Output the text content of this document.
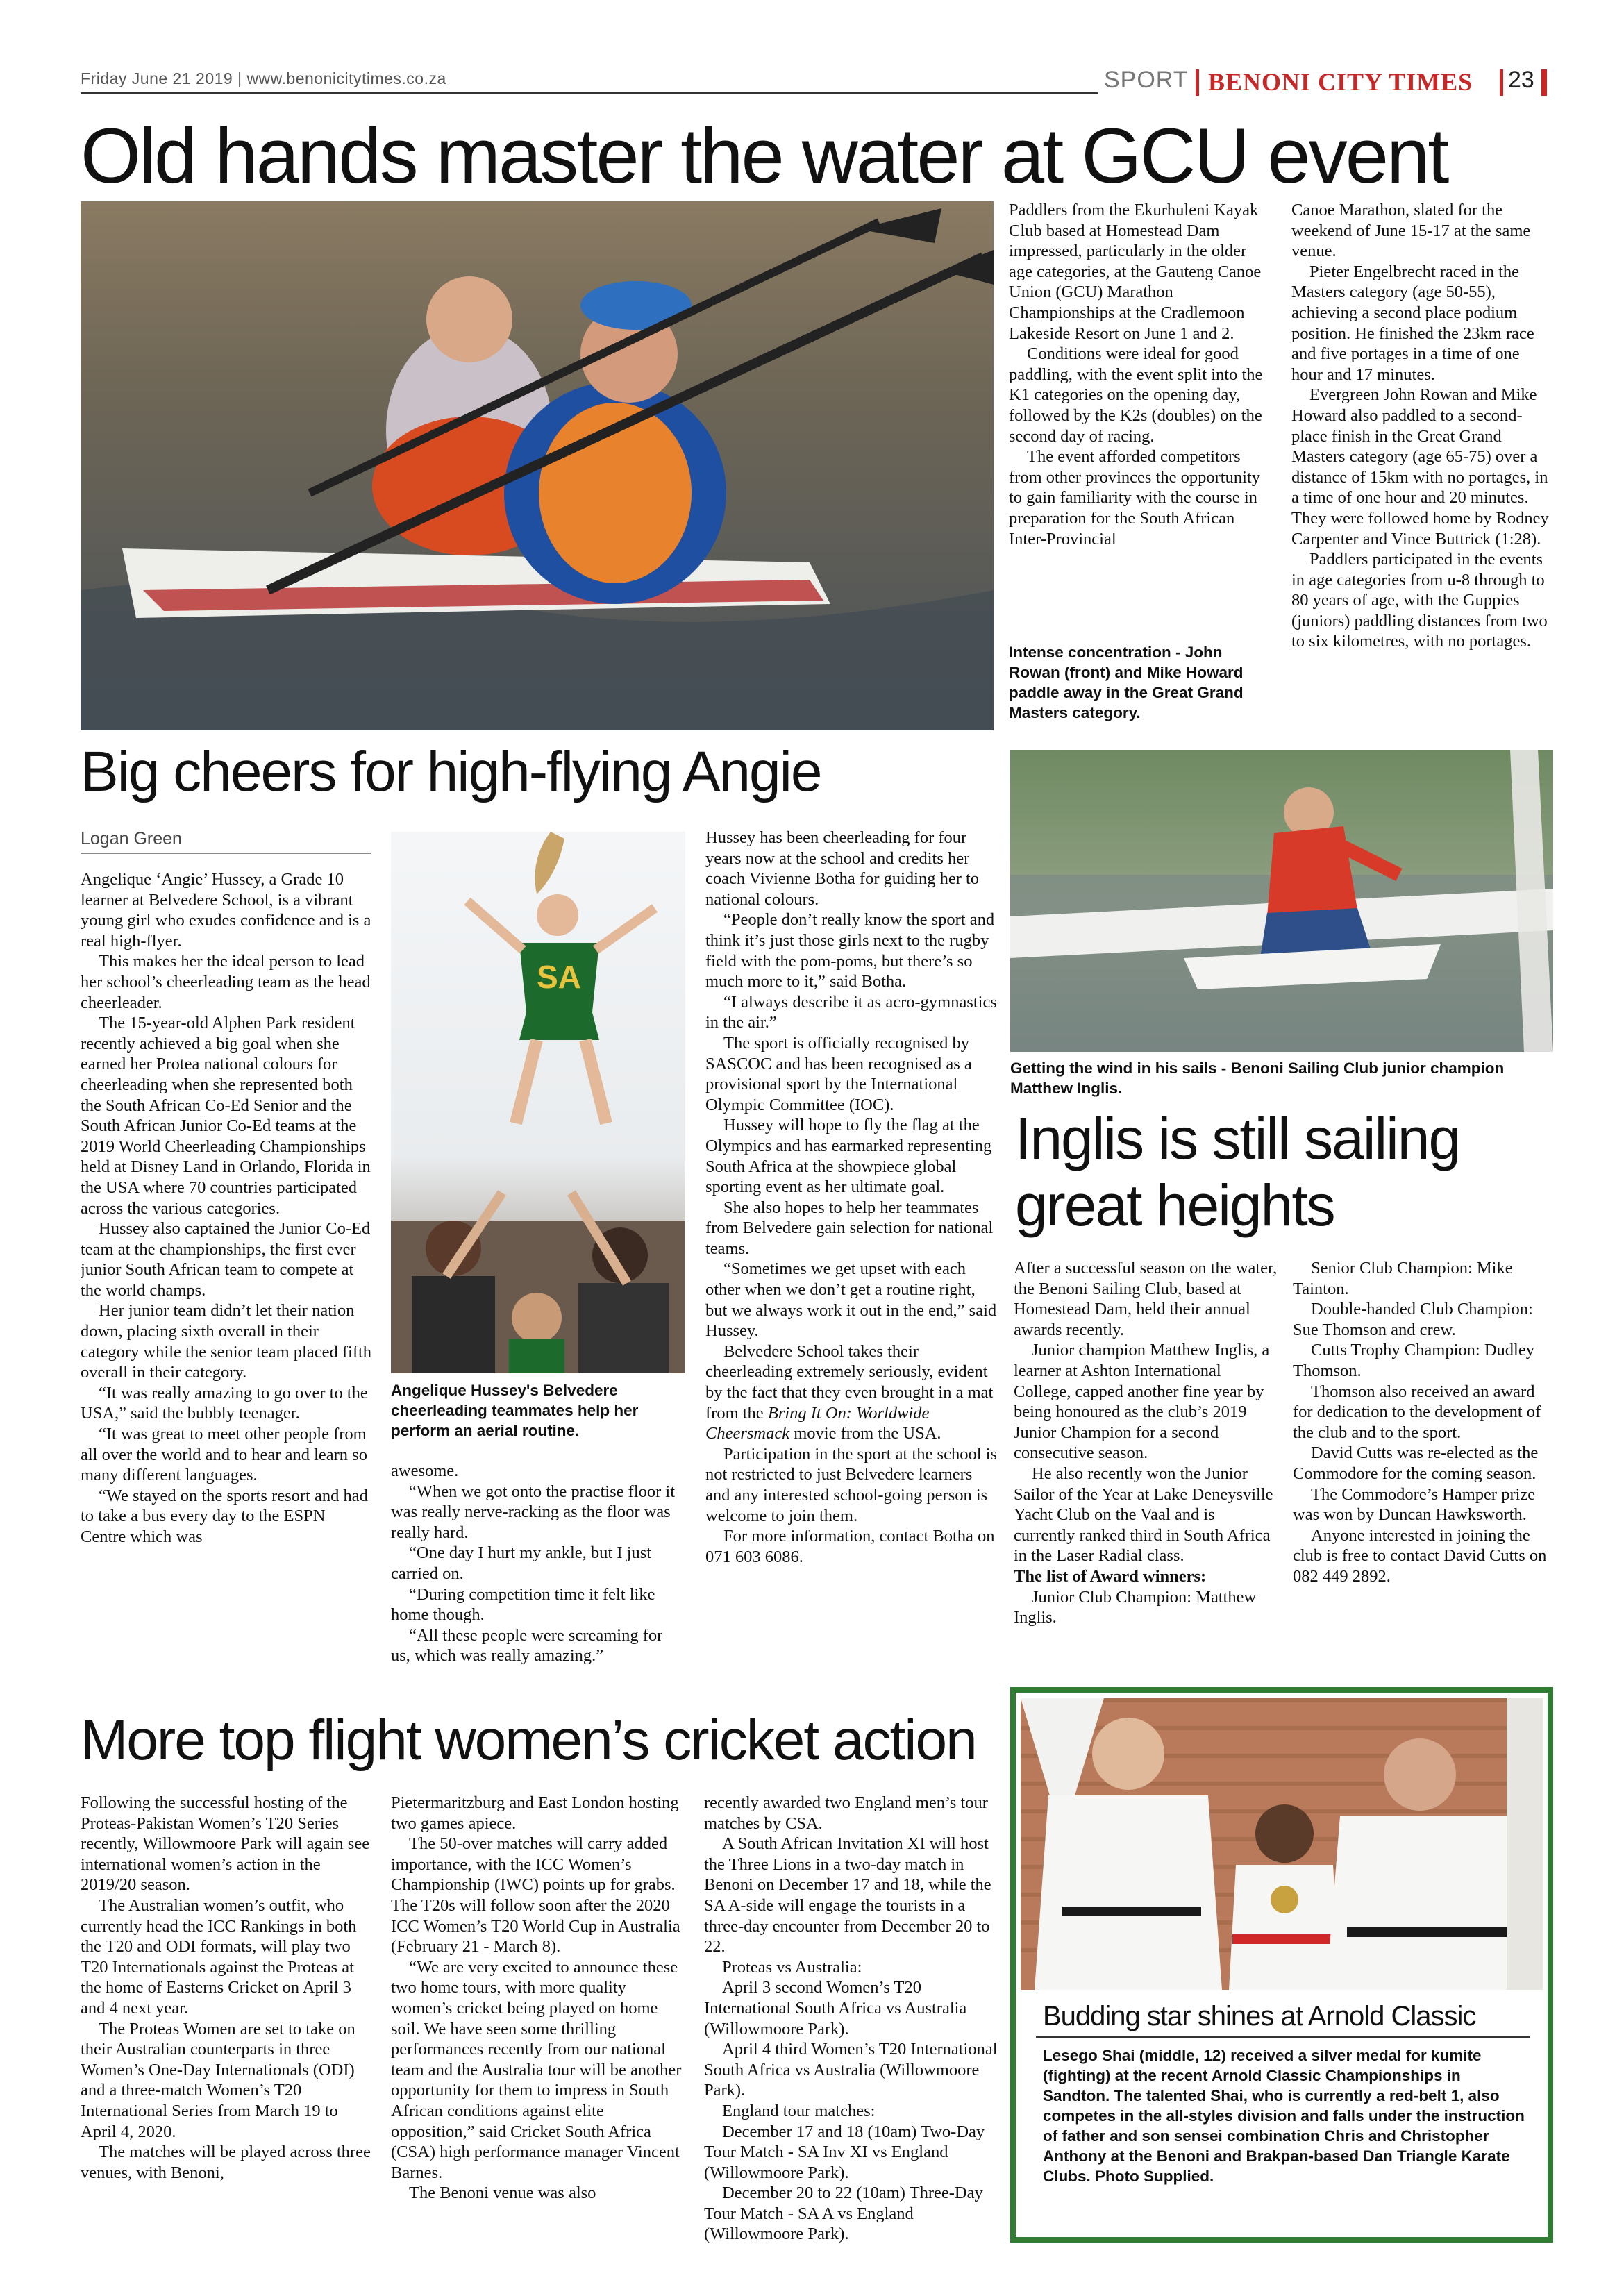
Friday June 21 2019 | www.benonicitytimes.co.za	SPORT BENONI CITY TIMES 23
Old hands master the water at GCU event

Paddlers from the Ekurhuleni Kayak Club based at Homestead Dam impressed, particularly in the older age categories, at the Gauteng Canoe Union (GCU) Marathon Championships at the Cradlemoon Lakeside Resort on June 1 and 2.

Conditions were ideal for good paddling, with the event split into the K1 categories on the opening day, followed by the K2s (doubles) on the second day of racing.

The event afforded competitors from other provinces the opportunity to gain familiarity with the course in preparation for the South African Inter-Provincial

Intense concentration - John Rowan (front) and Mike Howard paddle away in the Great Grand Masters category.

Canoe Marathon, slated for the weekend of June 15-17 at the same venue.

Pieter Engelbrecht raced in the Masters category (age 50-55), achieving a second place podium position. He finished the 23km race and five portages in a time of one hour and 17 minutes.

Evergreen John Rowan and Mike Howard also paddled to a second-place finish in the Great Grand Masters category (age 65-75) over a distance of 15km with no portages, in a time of one hour and 20 minutes. They were followed home by Rodney Carpenter and Vince Buttrick (1:28).

Paddlers participated in the events in age categories from u-8 through to 80 years of age, with the Guppies (juniors) paddling distances from two to six kilometres, with no portages.

Big cheers for high-flying Angie
Logan Green

Angelique ‘Angie’ Hussey, a Grade 10 learner at Belvedere School, is a vibrant young girl who exudes confidence and is a real high-flyer.

This makes her the ideal person to lead her school’s cheerleading team as the head cheerleader.

The 15-year-old Alphen Park resident recently achieved a big goal when she earned her Protea national colours for cheerleading when she represented both the South African Co-Ed Senior and the South African Junior Co-Ed teams at the 2019 World Cheerleading Championships held at Disney Land in Orlando, Florida in the USA where 70 countries participated across the various categories.

Hussey also captained the Junior Co-Ed team at the championships, the first ever junior South African team to compete at the world champs.

Her junior team didn’t let their nation down, placing sixth overall in their category while the senior team placed fifth overall in their category.

“It was really amazing to go over to the USA,” said the bubbly teenager.

“It was great to meet other people from all over the world and to hear and learn so many different languages.

“We stayed on the sports resort and had to take a bus every day to the ESPN Centre which was

SA
Angelique Hussey's Belvedere cheerleading teammates help her perform an aerial routine.

awesome.

“When we got onto the practise floor it was really nerve-racking as the floor was really hard.

“One day I hurt my ankle, but I just carried on.

“During competition time it felt like home though.

“All these people were screaming for us, which was really amazing.”

Hussey has been cheerleading for four years now at the school and credits her coach Vivienne Botha for guiding her to national colours.

“People don’t really know the sport and think it’s just those girls next to the rugby field with the pom-poms, but there’s so much more to it,” said Botha.

“I always describe it as acro-gymnastics in the air.”

The sport is officially recognised by SASCOC and has been recognised as a provisional sport by the International Olympic Committee (IOC).

Hussey will hope to fly the flag at the Olympics and has earmarked representing South Africa at the showpiece global sporting event as her ultimate goal.

She also hopes to help her teammates from Belvedere gain selection for national teams.

“Sometimes we get upset with each other when we don’t get a routine right, but we always work it out in the end,” said Hussey.

Belvedere School takes their cheerleading extremely seriously, evident by the fact that they even brought in a mat from the Bring It On: Worldwide Cheersmack movie from the USA.

Participation in the sport at the school is not restricted to just Belvedere learners and any interested school-going person is welcome to join them.

For more information, contact Botha on 071 603 6086.

Getting the wind in his sails - Benoni Sailing Club junior champion Matthew Inglis.
Inglis is still sailing great heights

After a successful season on the water, the Benoni Sailing Club, based at Homestead Dam, held their annual awards recently.

Junior champion Matthew Inglis, a learner at Ashton International College, capped another fine year by being honoured as the club’s 2019 Junior Champion for a second consecutive season.

He also recently won the Junior Sailor of the Year at Lake Deneysville Yacht Club on the Vaal and is currently ranked third in South Africa in the Laser Radial class.

The list of Award winners:

Junior Club Champion: Matthew Inglis.

Senior Club Champion: Mike Tainton.

Double-handed Club Champion: Sue Thomson and crew.

Cutts Trophy Champion: Dudley Thomson.

Thomson also received an award for dedication to the development of the club and to the sport.

David Cutts was re-elected as the Commodore for the coming season.

The Commodore’s Hamper prize was won by Duncan Hawksworth.

Anyone interested in joining the club is free to contact David Cutts on 082 449 2892.

More top flight women’s cricket action

Following the successful hosting of the Proteas-Pakistan Women’s T20 Series recently, Willowmoore Park will again see international women’s action in the 2019/20 season.

The Australian women’s outfit, who currently head the ICC Rankings in both the T20 and ODI formats, will play two T20 Internationals against the Proteas at the home of Easterns Cricket on April 3 and 4 next year.

The Proteas Women are set to take on their Australian counterparts in three Women’s One-Day Internationals (ODI) and a three-match Women’s T20 International Series from March 19 to April 4, 2020.

The matches will be played across three venues, with Benoni,

Pietermaritzburg and East London hosting two games apiece.

The 50-over matches will carry added importance, with the ICC Women’s Championship (IWC) points up for grabs. The T20s will follow soon after the 2020 ICC Women’s T20 World Cup in Australia (February 21 - March 8).

“We are very excited to announce these two home tours, with more quality women’s cricket being played on home soil. We have seen some thrilling performances recently from our national team and the Australia tour will be another opportunity for them to impress in South African conditions against elite opposition,” said Cricket South Africa (CSA) high performance manager Vincent Barnes.

The Benoni venue was also

recently awarded two England men’s tour matches by CSA.

A South African Invitation XI will host the Three Lions in a two-day match in Benoni on December 17 and 18, while the SA A-side will engage the tourists in a three-day encounter from December 20 to 22.

Proteas vs Australia:

April 3 second Women’s T20 International South Africa vs Australia (Willowmoore Park).

April 4 third Women’s T20 International South Africa vs Australia (Willowmoore Park).

England tour matches:

December 17 and 18 (10am) Two-Day Tour Match - SA Inv XI vs England (Willowmoore Park).

December 20 to 22 (10am) Three-Day Tour Match - SA A vs England (Willowmoore Park).

Budding star shines at Arnold Classic
Lesego Shai (middle, 12) received a silver medal for kumite (fighting) at the recent Arnold Classic Championships in Sandton. The talented Shai, who is currently a red-belt 1, also competes in the all-styles division and falls under the instruction of father and son sensei combination Chris and Christopher Anthony at the Benoni and Brakpan-based Dan Triangle Karate Clubs. Photo Supplied.
